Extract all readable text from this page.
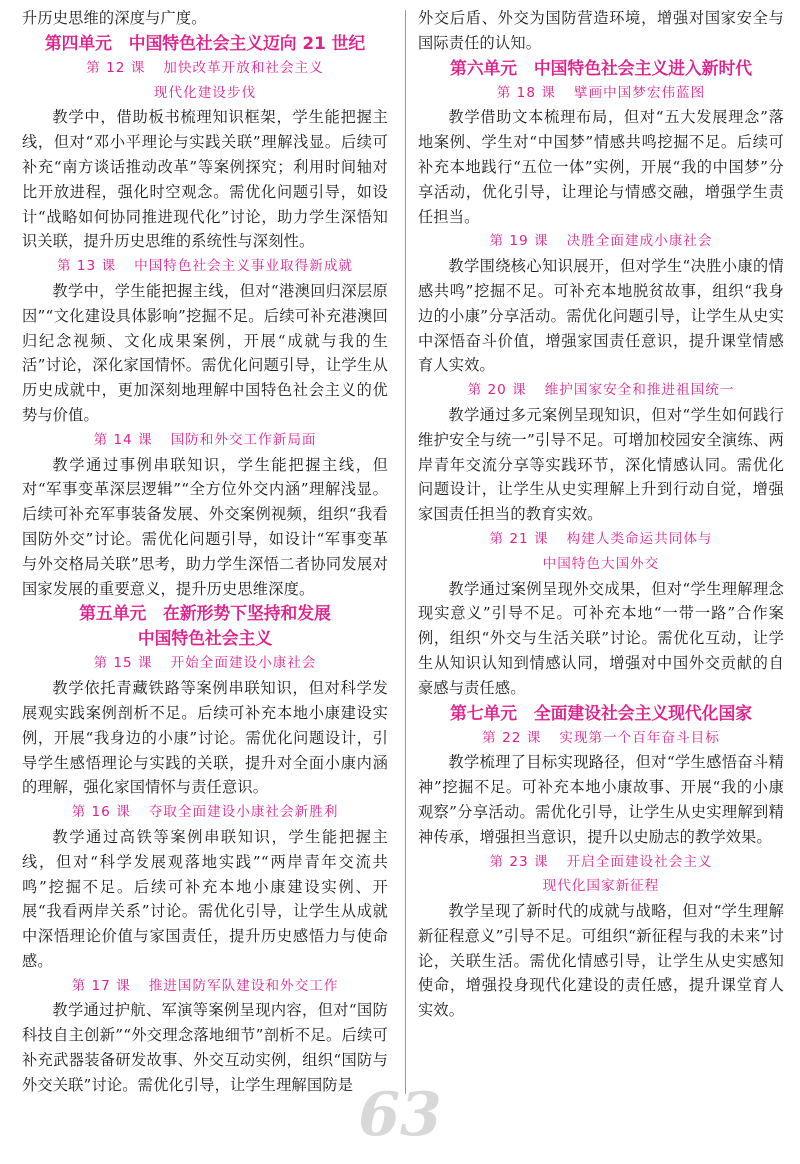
升历史思维的深度与广度。

第四单元　中国特色社会主义迈向 21 世纪

第 12 课 加快改革开放和社会主义

现代化建设步伐

教学中，借助板书梳理知识框架，学生能把握主线，但对“邓小平理论与实践关联”理解浅显。后续可补充“南方谈话推动改革”等案例探究；利用时间轴对比开放进程，强化时空观念。需优化问题引导，如设计“战略如何协同推进现代化”讨论，助力学生深悟知识关联，提升历史思维的系统性与深刻性。

第 13 课 中国特色社会主义事业取得新成就

教学中，学生能把握主线，但对“港澳回归深层原因”“文化建设具体影响”挖掘不足。后续可补充港澳回归纪念视频、文化成果案例，开展“成就与我的生活”讨论，深化家国情怀。需优化问题引导，让学生从历史成就中，更加深刻地理解中国特色社会主义的优势与价值。

第 14 课 国防和外交工作新局面

教学通过事例串联知识，学生能把握主线，但对“军事变革深层逻辑”“全方位外交内涵”理解浅显。后续可补充军事装备发展、外交案例视频，组织“我看国防外交”讨论。需优化问题引导，如设计“军事变革与外交格局关联”思考，助力学生深悟二者协同发展对国家发展的重要意义，提升历史思维深度。

第五单元　在新形势下坚持和发展

中国特色社会主义

第 15 课 开始全面建设小康社会

教学依托青藏铁路等案例串联知识，但对科学发展观实践案例剖析不足。后续可补充本地小康建设实例，开展“我身边的小康”讨论。需优化问题设计，引导学生感悟理论与实践的关联，提升对全面小康内涵的理解，强化家国情怀与责任意识。

第 16 课 夺取全面建设小康社会新胜利

教学通过高铁等案例串联知识，学生能把握主线，但对“科学发展观落地实践”“两岸青年交流共鸣”挖掘不足。后续可补充本地小康建设实例、开展“我看两岸关系”讨论。需优化引导，让学生从成就中深悟理论价值与家国责任，提升历史感悟力与使命感。

第 17 课 推进国防军队建设和外交工作

教学通过护航、军演等案例呈现内容，但对“国防科技自主创新”“外交理念落地细节”剖析不足。后续可补充武器装备研发故事、外交互动实例，组织“国防与外交关联”讨论。需优化引导，让学生理解国防是

外交后盾、外交为国防营造环境，增强对国家安全与国际责任的认知。

第六单元　中国特色社会主义进入新时代

第 18 课 擘画中国梦宏伟蓝图

教学借助文本梳理布局，但对“五大发展理念”落地案例、学生对“中国梦”情感共鸣挖掘不足。后续可补充本地践行“五位一体”实例，开展“我的中国梦”分享活动，优化引导，让理论与情感交融，增强学生责任担当。

第 19 课 决胜全面建成小康社会

教学围绕核心知识展开，但对学生“决胜小康的情感共鸣”挖掘不足。可补充本地脱贫故事，组织“我身边的小康”分享活动。需优化问题引导，让学生从史实中深悟奋斗价值，增强家国责任意识，提升课堂情感育人实效。

第 20 课 维护国家安全和推进祖国统一

教学通过多元案例呈现知识，但对“学生如何践行维护安全与统一”引导不足。可增加校园安全演练、两岸青年交流分享等实践环节，深化情感认同。需优化问题设计，让学生从史实理解上升到行动自觉，增强家国责任担当的教育实效。

第 21 课 构建人类命运共同体与

中国特色大国外交

教学通过案例呈现外交成果，但对“学生理解理念现实意义”引导不足。可补充本地“一带一路”合作案例，组织“外交与生活关联”讨论。需优化互动，让学生从知识认知到情感认同，增强对中国外交贡献的自豪感与责任感。

第七单元　全面建设社会主义现代化国家

第 22 课 实现第一个百年奋斗目标

教学梳理了目标实现路径，但对“学生感悟奋斗精神”挖掘不足。可补充本地小康故事、开展“我的小康观察”分享活动。需优化引导，让学生从史实理解到精神传承，增强担当意识，提升以史励志的教学效果。

第 23 课 开启全面建设社会主义

现代化国家新征程

教学呈现了新时代的成就与战略，但对“学生理解新征程意义”引导不足。可组织“新征程与我的未来”讨论，关联生活。需优化情感引导，让学生从史实感知使命，增强投身现代化建设的责任感，提升课堂育人实效。

63
